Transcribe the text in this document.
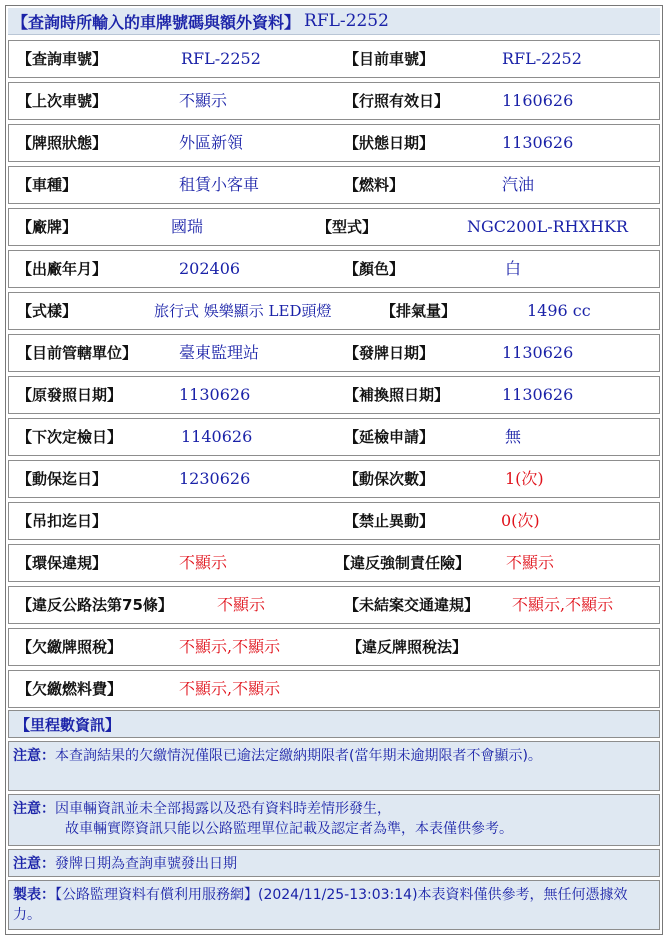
【查詢時所輸入的車牌號碼與額外資料】 RFL-2252
【查詢車號】	RFL-2252	【目前車號】	RFL-2252
【上次車號】	不顯示	【行照有效日】	1160626
【牌照狀態】	外區新領	【狀態日期】	1130626
【車種】	租賃小客車	【燃料】	汽油
【廠牌】	國瑞	【型式】	NGC200L-RHXHKR
【出廠年月】	202406	【顏色】	白
【式樣】	旅行式 娛樂顯示 LED頭燈	【排氣量】	1496 cc
【目前管轄單位】	臺東監理站	【發牌日期】	1130626
【原發照日期】	1130626	【補換照日期】	1130626
【下次定檢日】	1140626	【延檢申請】	無
【動保迄日】	1230626	【動保次數】	1(次)
【吊扣迄日】	【禁止異動】	0(次)
【環保違規】	不顯示	【違反強制責任險】 不顯示
【違反公路法第75條】	不顯示	【未結案交通違規】 不顯示,不顯示
【欠繳牌照稅】	不顯示,不顯示	【違反牌照稅法】
【欠繳燃料費】	不顯示,不顯示
【里程數資訊】
注意：本查詢結果的欠繳情況僅限已逾法定繳納期限者(當年期未逾期限者不會顯示)。
注意：因車輛資訊並未全部揭露以及恐有資料時差情形發生，
故車輛實際資訊只能以公路監理單位記載及認定者為準，本表僅供參考。
注意：發牌日期為查詢車號發出日期
製表：【公路監理資料有償利用服務網】(2024/11/25-13:03:14)本表資料僅供參考，無任何憑據效力。
